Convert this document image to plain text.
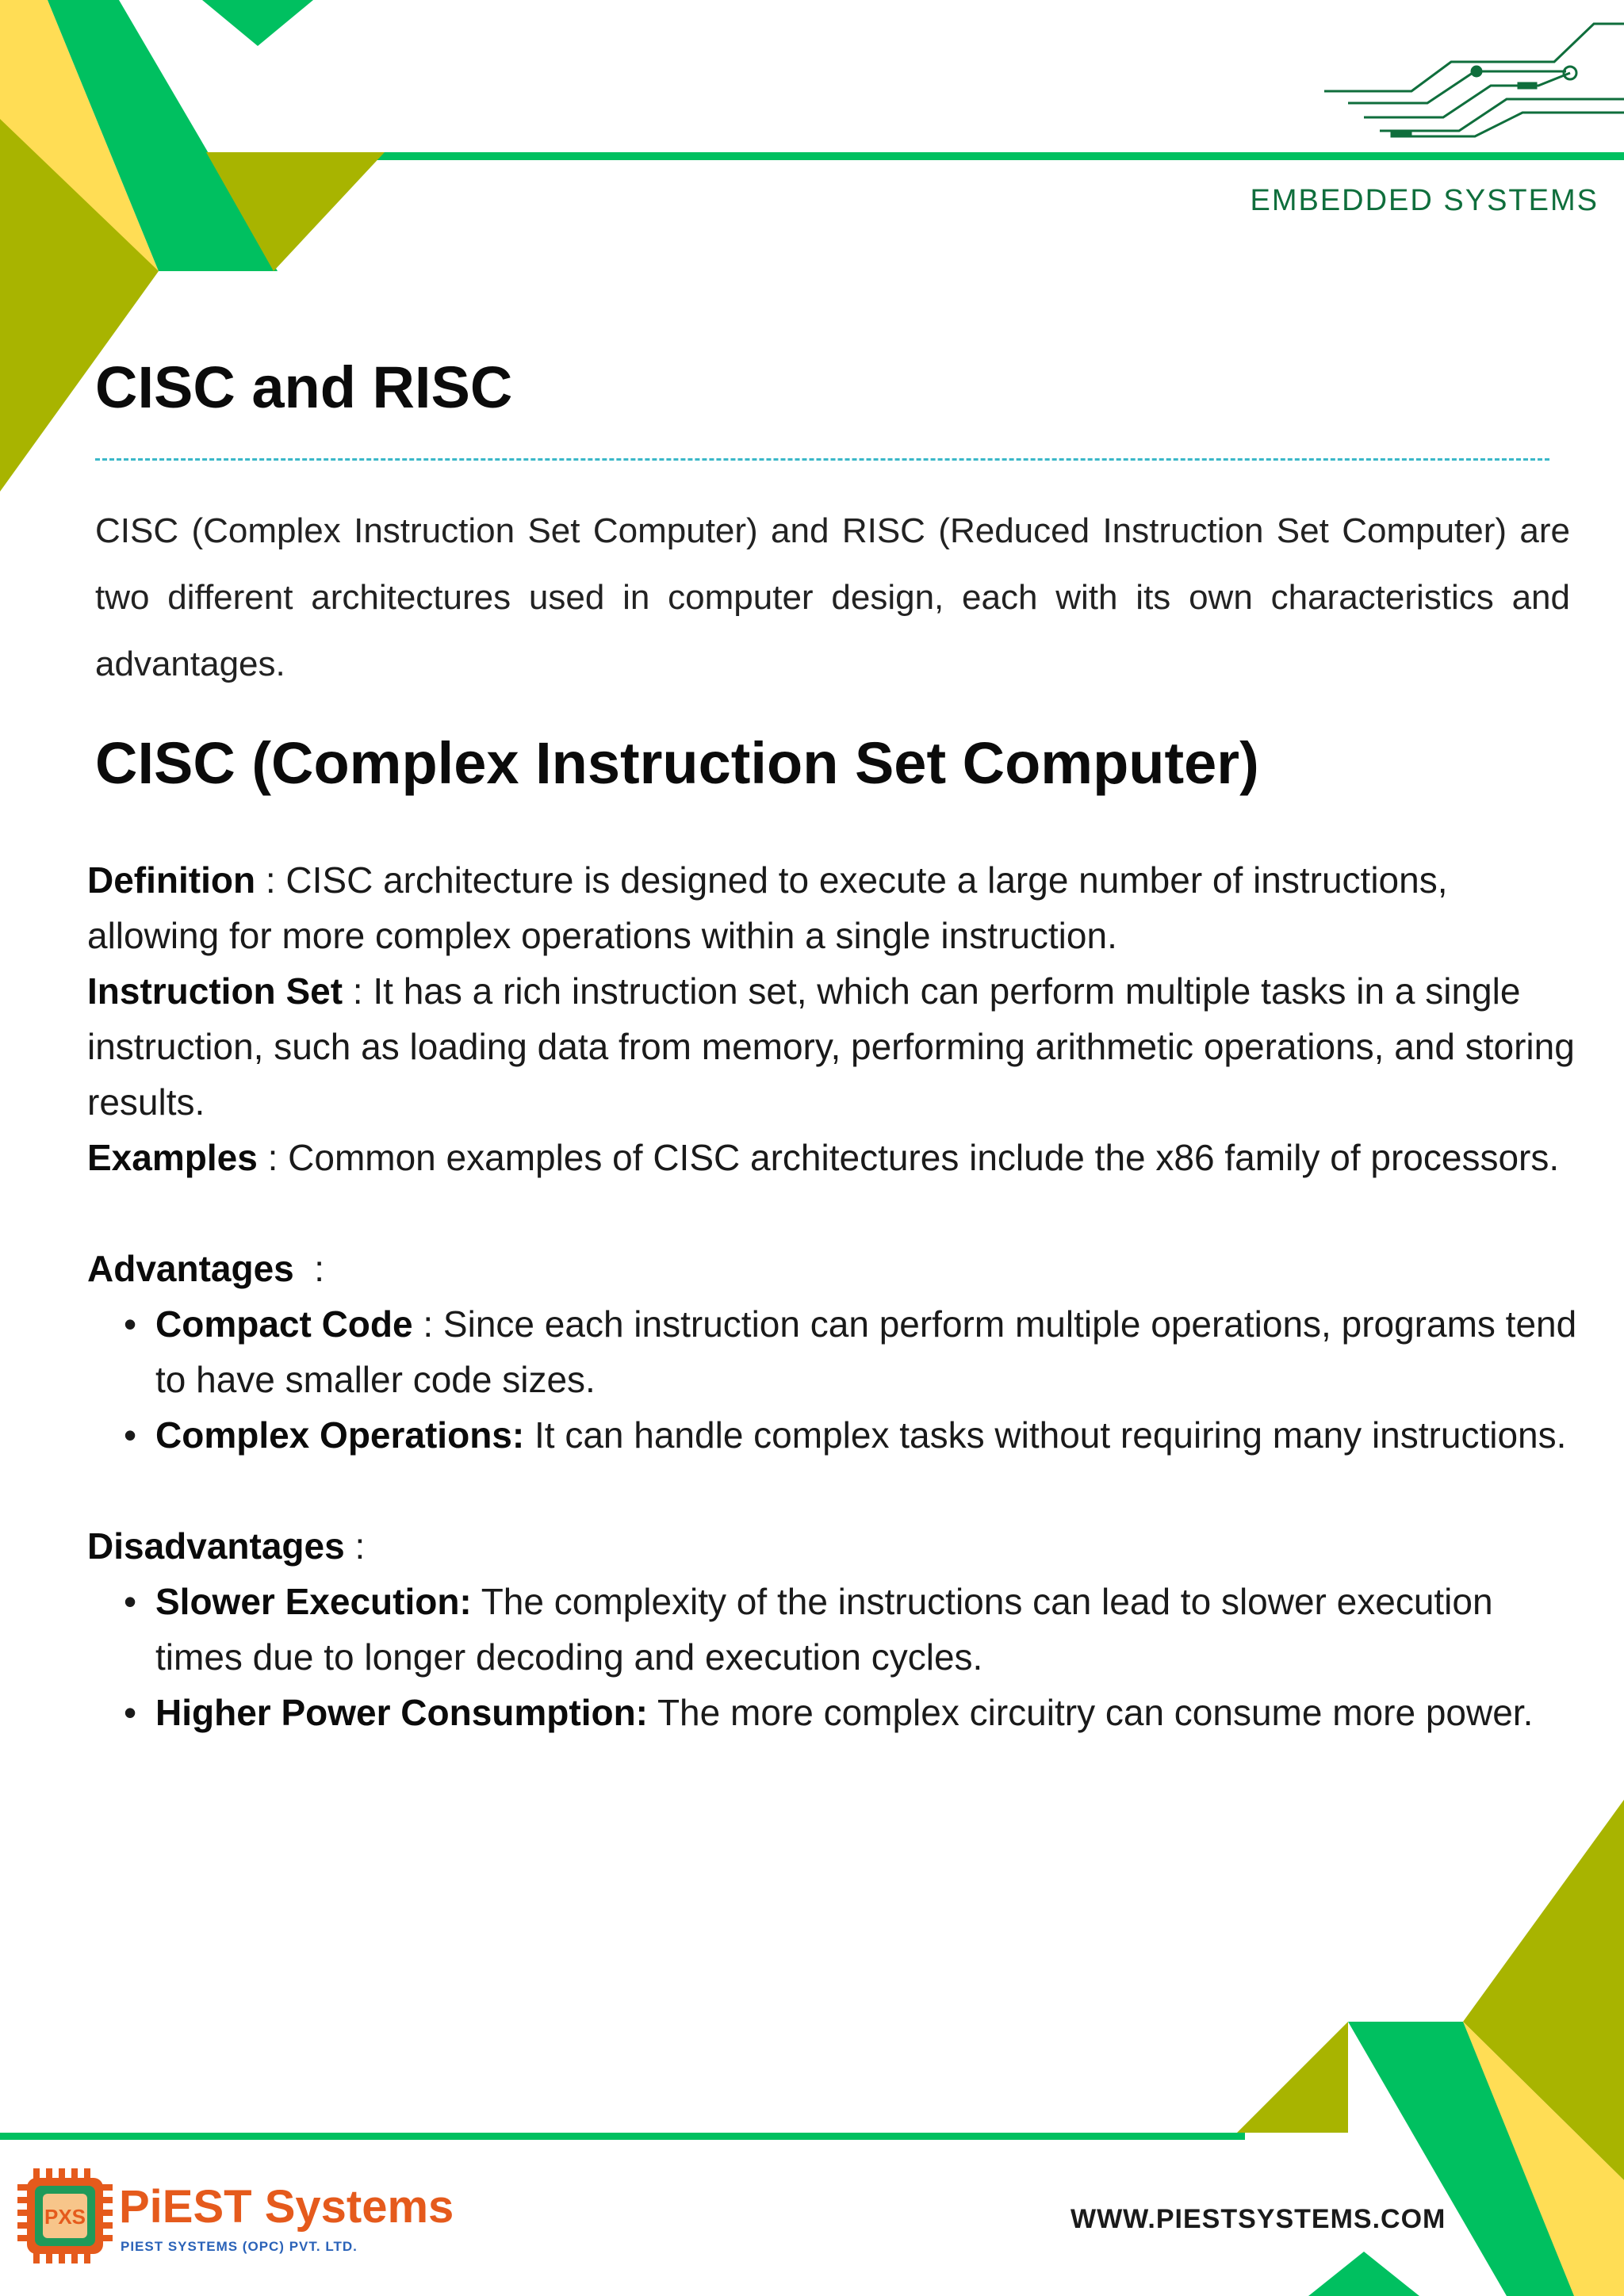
EMBEDDED SYSTEMS
CISC and RISC

CISC (Complex Instruction Set Computer) and RISC (Reduced Instruction Set Computer) are two different architectures used in computer design, each with its own characteristics and advantages.

CISC (Complex Instruction Set Computer)

Definition : CISC architecture is designed to execute a large number of instructions, allowing for more complex operations within a single instruction.

Instruction Set : It has a rich instruction set, which can perform multiple tasks in a single instruction, such as loading data from memory, performing arithmetic operations, and storing results.

Examples : Common examples of CISC architectures include the x86 family of processors.

Advantages  :

• Compact Code : Since each instruction can perform multiple operations, programs tend to have smaller code sizes.
• Complex Operations: It can handle complex tasks without requiring many instructions.

Disadvantages :

• Slower Execution: The complexity of the instructions can lead to slower execution times due to longer decoding and execution cycles.
• Higher Power Consumption: The more complex circuitry can consume more power.
PXS PiEST Systems
PIEST SYSTEMS (OPC) PVT. LTD.
WWW.PIESTSYSTEMS.COM
